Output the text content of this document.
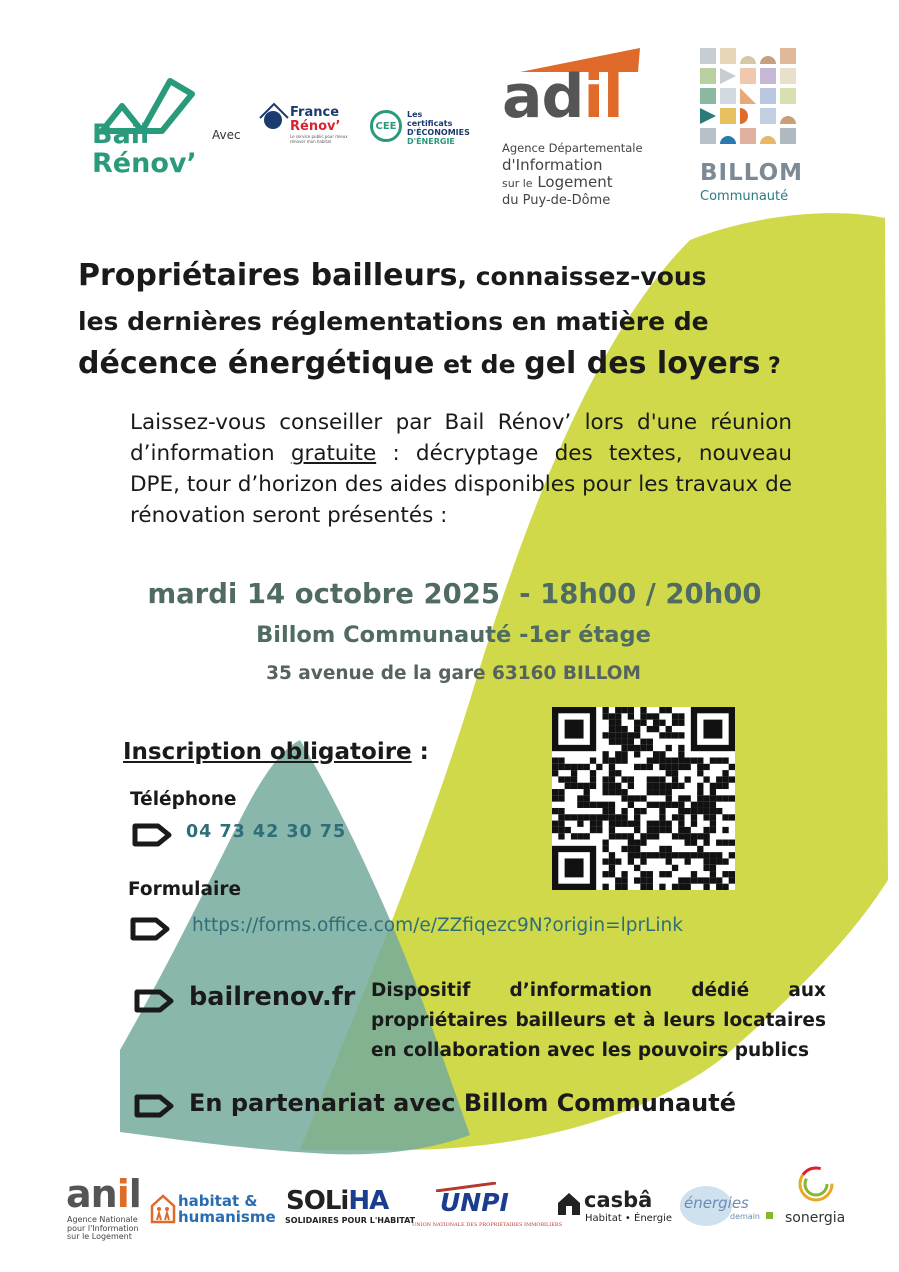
Bail
Rénov’
Avec
France
Rénov’
Le service public pour mieux rénover mon habitat
CEE
Les certificats
D'ÉCONOMIES
D'ÉNERGIE
adil
Agence Départementale
d'Information
sur le Logement
du Puy-de-Dôme
BILLOM
Communauté
Propriétaires bailleurs, connaissez-vous
les dernières réglementations en matière de
décence énergétique et de gel des loyers ?
Laissez-vous conseiller par Bail Rénov’ lors d'une réunion d’information gratuite : décryptage des textes, nouveau DPE, tour d’horizon des aides disponibles pour les travaux de rénovation seront présentés :
mardi 14 octobre 2025  - 18h00 / 20h00
Billom Communauté -1er étage
35 avenue de la gare 63160 BILLOM
Inscription obligatoire :
Téléphone
04 73 42 30 75
Formulaire
https://forms.office.com/e/ZZfiqezc9N?origin=lprLink
bailrenov.fr Dispositif d’information dédié aux propriétaires bailleurs et à leurs locataires en collaboration avec les pouvoirs publics
En partenariat avec Billom Communauté
anil
Agence Nationale pour l'Information sur le Logement
habitat &
humanisme
SOLiHA
SOLIDAIRES POUR L'HABITAT
UNPI
UNION NATIONALE DES PROPRIÉTAIRES IMMOBILIERS
casbâ
Habitat • Énergie
énergies
demain sonergia
